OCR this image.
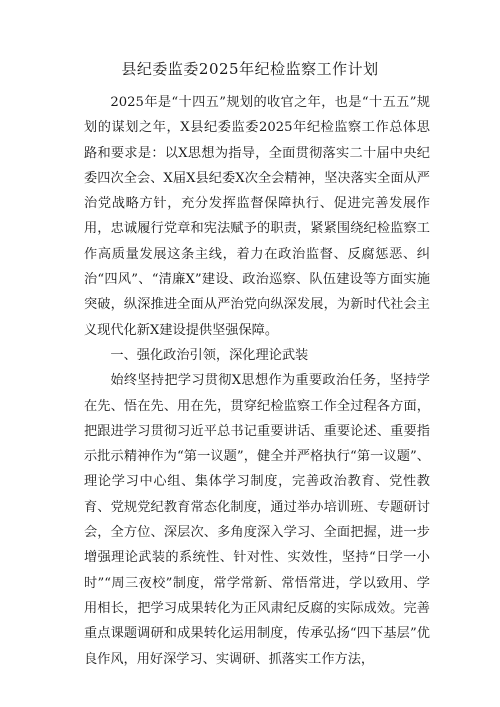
县纪委监委2025年纪检监察工作计划

2025年是“十四五”规划的收官之年，也是“十五五”规划的谋划之年，X县纪委监委2025年纪检监察工作总体思路和要求是：以X思想为指导，全面贯彻落实二十届中央纪委四次全会、X届X县纪委X次全会精神，坚决落实全面从严治党战略方针，充分发挥监督保障执行、促进完善发展作用，忠诚履行党章和宪法赋予的职责，紧紧围绕纪检监察工作高质量发展这条主线，着力在政治监督、反腐惩恶、纠治“四风”、“清廉X”建设、政治巡察、队伍建设等方面实施突破，纵深推进全面从严治党向纵深发展，为新时代社会主义现代化新X建设提供坚强保障。

一、强化政治引领，深化理论武装

始终坚持把学习贯彻X思想作为重要政治任务，坚持学在先、悟在先、用在先，贯穿纪检监察工作全过程各方面，把跟进学习贯彻习近平总书记重要讲话、重要论述、重要指示批示精神作为“第一议题”，健全并严格执行“第一议题”、理论学习中心组、集体学习制度，完善政治教育、党性教育、党规党纪教育常态化制度，通过举办培训班、专题研讨会，全方位、深层次、多角度深入学习、全面把握，进一步增强理论武装的系统性、针对性、实效性，坚持“日学一小时”“周三夜校”制度，常学常新、常悟常进，学以致用、学用相长，把学习成果转化为正风肃纪反腐的实际成效。完善重点课题调研和成果转化运用制度，传承弘扬“四下基层”优良作风，用好深学习、实调研、抓落实工作方法，
